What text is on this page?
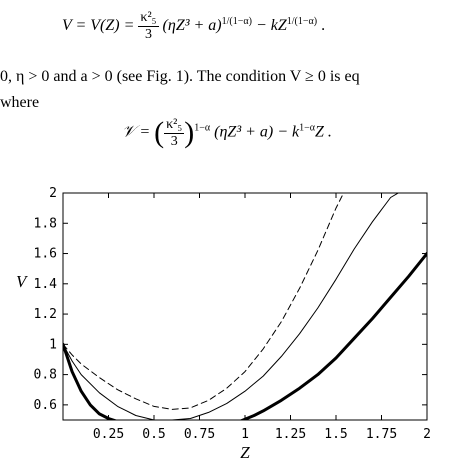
$V = V(Z) = \frac{\text{κ²₅}}{3} (\eta Z^3 + a)^{1/(1-\alpha)} - kZ^{1/(1-\alpha)}$ .
0, η > 0 and a > 0 (see Fig. 1). The condition V ≥ 0 is eq
where
𝒱 = ( $\frac{\text{κ²₅}}{3} )^{1-\alpha}$ $(\eta Z^3 + a) - k^{1-\alpha}Z$ .
0.25 0.5 0.75 1 1.25 1.5 1.75 2
0.6
0.8
1
1.2
1.4
1.6
1.8
2
Z
V
